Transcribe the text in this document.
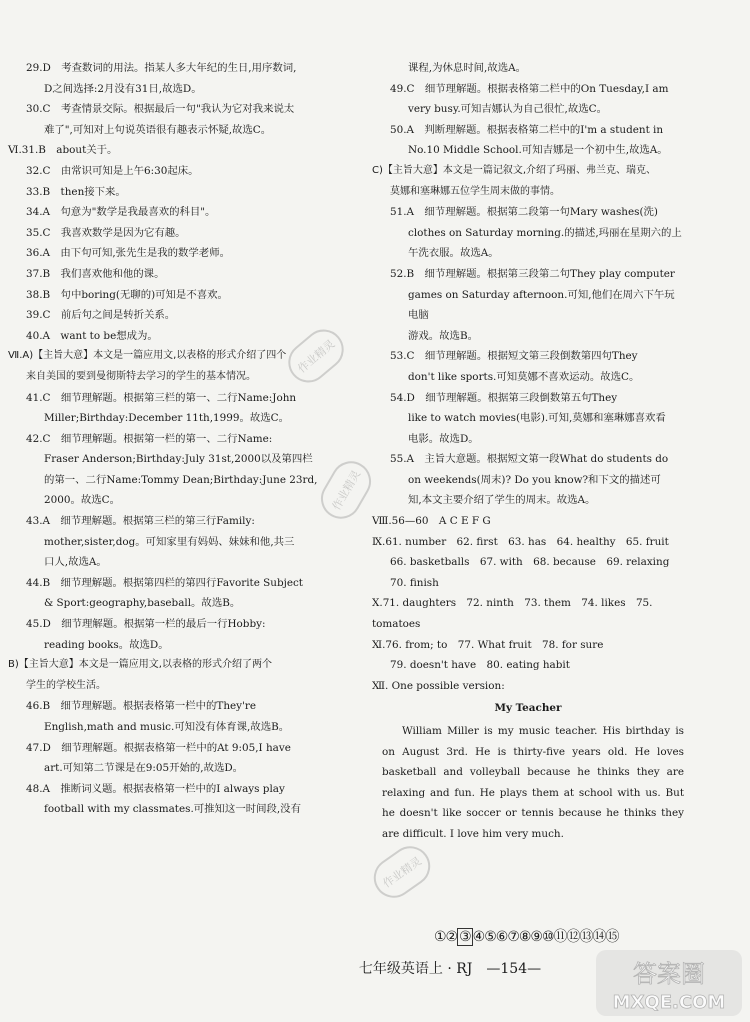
29.D　考查数词的用法。指某人多大年纪的生日,用序数词,

D之间选择:2月没有31日,故选D。

30.C　考查情景交际。根据最后一句"我认为它对我来说太

难了",可知对上句说英语很有趣表示怀疑,故选C。

Ⅵ.31.B　about关于。

32.C　由常识可知是上午6:30起床。

33.B　then接下来。

34.A　句意为"数学是我最喜欢的科目"。

35.C　我喜欢数学是因为它有趣。

36.A　由下句可知,张先生是我的数学老师。

37.B　我们喜欢他和他的课。

38.B　句中boring(无聊的)可知是不喜欢。

39.C　前后句之间是转折关系。

40.A　want to be想成为。

Ⅶ.A)【主旨大意】本文是一篇应用文,以表格的形式介绍了四个

来自美国的要到曼彻斯特去学习的学生的基本情况。

41.C　细节理解题。根据第三栏的第一、二行Name:John

Miller;Birthday:December 11th,1999。故选C。

42.C　细节理解题。根据第一栏的第一、二行Name:

Fraser Anderson;Birthday:July 31st,2000以及第四栏

的第一、二行Name:Tommy Dean;Birthday:June 23rd,

2000。故选C。

43.A　细节理解题。根据第三栏的第三行Family:

mother,sister,dog。可知家里有妈妈、妹妹和他,共三

口人,故选A。

44.B　细节理解题。根据第四栏的第四行Favorite Subject

& Sport:geography,baseball。故选B。

45.D　细节理解题。根据第一栏的最后一行Hobby:

reading books。故选D。

B)【主旨大意】本文是一篇应用文,以表格的形式介绍了两个

学生的学校生活。

46.B　细节理解题。根据表格第一栏中的They're

English,math and music.可知没有体育课,故选B。

47.D　细节理解题。根据表格第一栏中的At 9:05,I have

art.可知第二节课是在9:05开始的,故选D。

48.A　推断词义题。根据表格第一栏中的I always play

football with my classmates.可推知这一时间段,没有

课程,为休息时间,故选A。

49.C　细节理解题。根据表格第二栏中的On Tuesday,I am

very busy.可知吉娜认为自己很忙,故选C。

50.A　判断理解题。根据表格第二栏中的I'm a student in

No.10 Middle School.可知吉娜是一个初中生,故选A。

C)【主旨大意】本文是一篇记叙文,介绍了玛丽、弗兰克、瑞克、

莫娜和塞琳娜五位学生周末做的事情。

51.A　细节理解题。根据第二段第一句Mary washes(洗)

clothes on Saturday morning.的描述,玛丽在星期六的上

午洗衣服。故选A。

52.B　细节理解题。根据第三段第二句They play computer

games on Saturday afternoon.可知,他们在周六下午玩电脑

游戏。故选B。

53.C　细节理解题。根据短文第三段倒数第四句They

don't like sports.可知莫娜不喜欢运动。故选C。

54.D　细节理解题。根据第三段倒数第五句They

like to watch movies(电影).可知,莫娜和塞琳娜喜欢看

电影。故选D。

55.A　主旨大意题。根据短文第一段What do students do

on weekends(周末)? Do you know?和下文的描述可

知,本文主要介绍了学生的周末。故选A。

Ⅷ.56—60　A C E F G

Ⅸ.61. number　62. first　63. has　64. healthy　65. fruit

66. basketballs　67. with　68. because　69. relaxing

70. finish

Ⅹ.71. daughters　72. ninth　73. them　74. likes　75. tomatoes

Ⅺ.76. from; to　77. What fruit　78. for sure

79. doesn't have　80. eating habit

Ⅻ. One possible version:

My Teacher

William Miller is my music teacher. His birthday is on August 3rd. He is thirty-five years old. He loves basketball and volleyball because he thinks they are relaxing and fun. He plays them at school with us. But he doesn't like soccer or tennis because he thinks they are difficult. I love him very much.

①② ③ ④⑤⑥⑦⑧⑨⑩⑪⑫⑬⑭⑮
七年级英语上 · RJ　—154—
作业精灵
作业精灵
作业精灵
答案圈
MXQE.COM
